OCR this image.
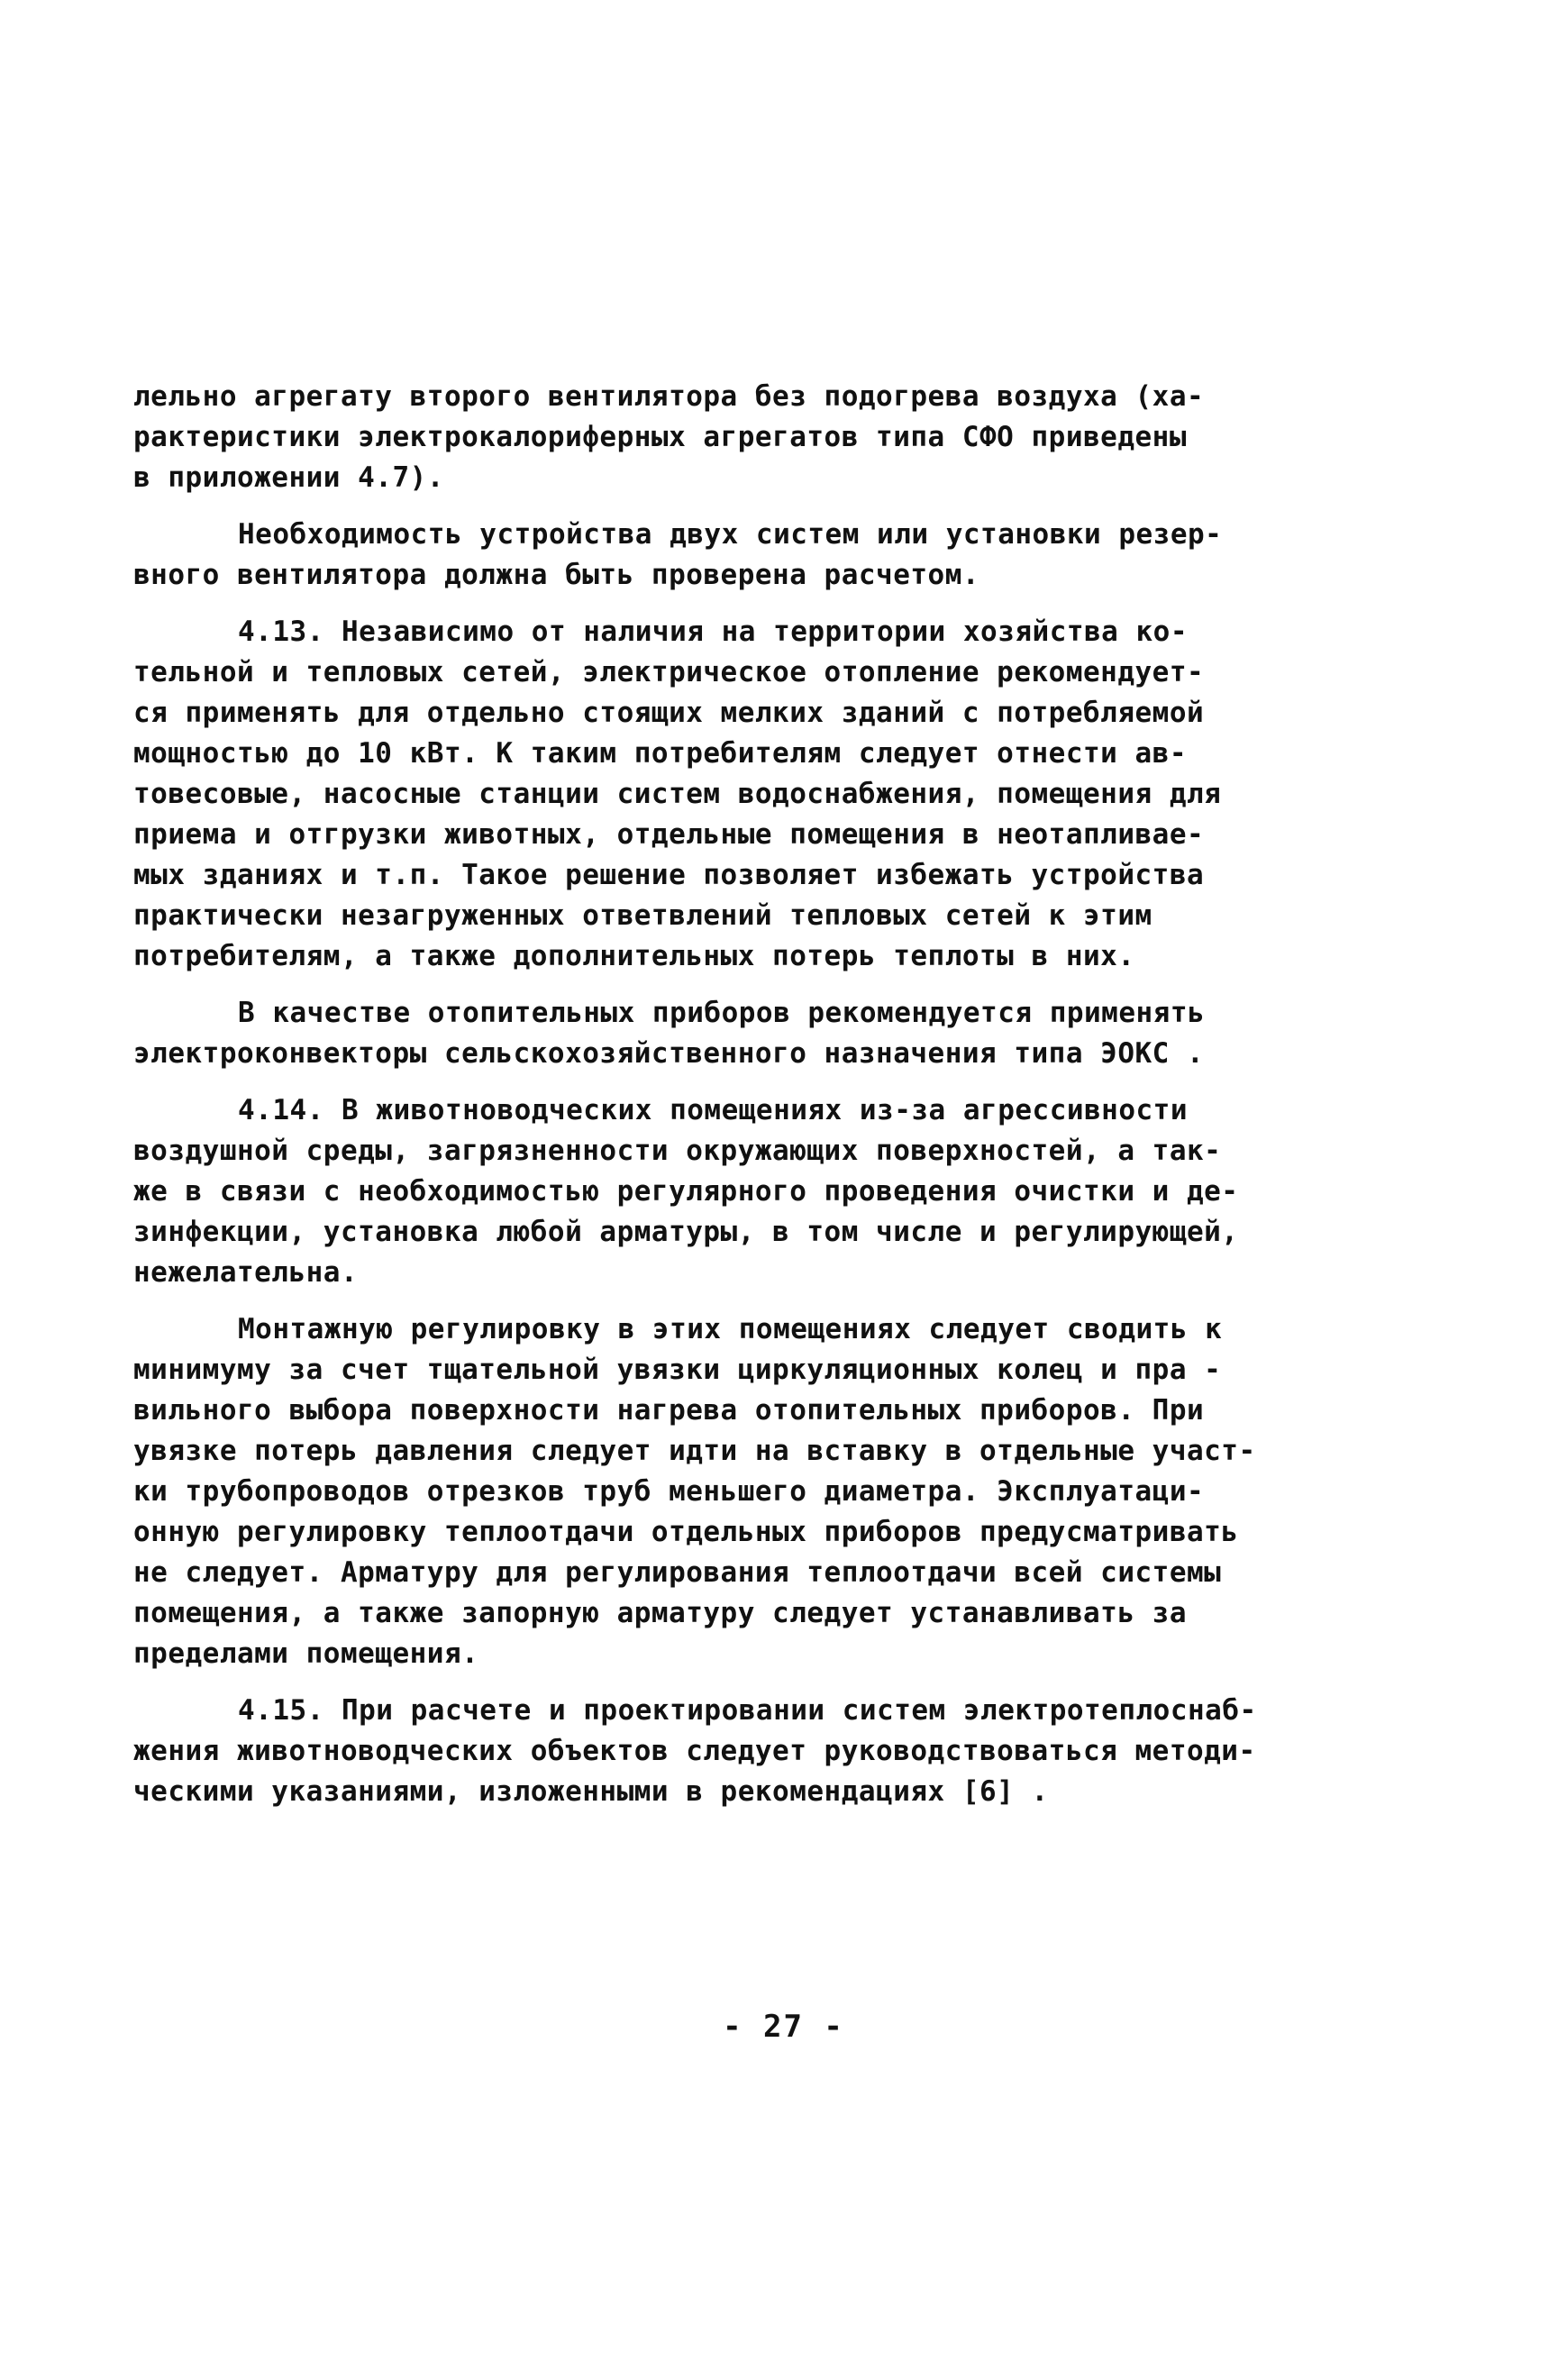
лельно агрегату второго вентилятора без подогрева воздуха (ха-
рактеристики электрокалориферных агрегатов типа СФО приведены
в приложении 4.7).

Необходимость устройства двух систем или установки резер-
вного вентилятора должна быть проверена расчетом.

4.13. Независимо от наличия на территории хозяйства ко-
тельной и тепловых сетей, электрическое отопление рекомендует-
ся применять для отдельно стоящих мелких зданий с потребляемой
мощностью до 10 кВт. К таким потребителям следует отнести ав-
товесовые, насосные станции систем водоснабжения, помещения для
приема и отгрузки животных, отдельные помещения в неотапливае-
мых зданиях и т.п. Такое решение позволяет избежать устройства
практически незагруженных ответвлений тепловых сетей к этим
потребителям, а также дополнительных потерь теплоты в них.

В качестве отопительных приборов рекомендуется применять
электроконвекторы сельскохозяйственного назначения типа ЭОКС .

4.14. В животноводческих помещениях из-за агрессивности
воздушной среды, загрязненности окружающих поверхностей, а так-
же в связи с необходимостью регулярного проведения очистки и де-
зинфекции, установка любой арматуры, в том числе и регулирующей,
нежелательна.

Монтажную регулировку в этих помещениях следует сводить к
минимуму за счет тщательной увязки циркуляционных колец и пра -
вильного выбора поверхности нагрева отопительных приборов. При
увязке потерь давления следует идти на вставку в отдельные участ-
ки трубопроводов отрезков труб меньшего диаметра. Эксплуатаци-
онную регулировку теплоотдачи отдельных приборов предусматривать
не следует. Арматуру для регулирования теплоотдачи всей системы
помещения, а также запорную арматуру следует устанавливать за
пределами помещения.

4.15. При расчете и проектировании систем электротеплоснаб-
жения животноводческих объектов следует руководствоваться методи-
ческими указаниями, изложенными в рекомендациях [6] .

- 27 -
